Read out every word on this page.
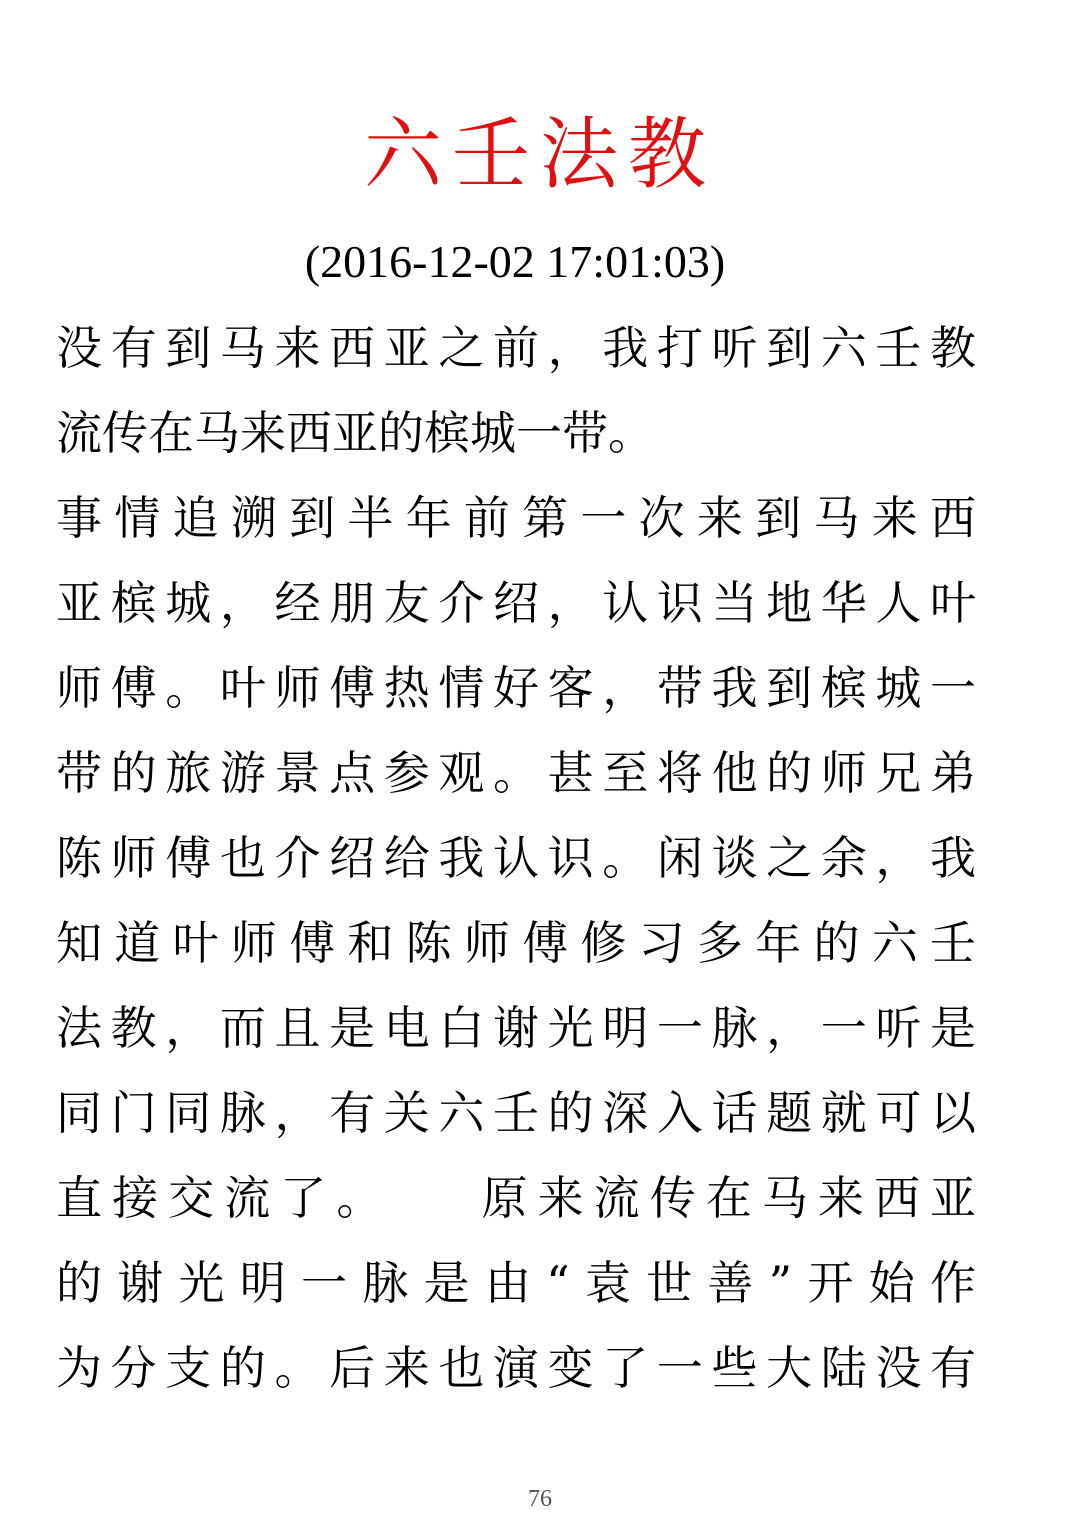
六壬法教
(2016-12-02 17:01:03)
没有到马来西亚之前，我打听到六壬教
流传在马来西亚的槟城一带。
事情追溯到半年前第一次来到马来西
亚槟城，经朋友介绍，认识当地华人叶
师傅。叶师傅热情好客，带我到槟城一
带的旅游景点参观。甚至将他的师兄弟
陈师傅也介绍给我认识。闲谈之余，我
知道叶师傅和陈师傅修习多年的六壬
法教，而且是电白谢光明一脉，一听是
同门同脉，有关六壬的深入话题就可以
直接交流了。　　原来流传在马来西亚
的谢光明一脉是由“袁世善”开始作
为分支的。后来也演变了一些大陆没有
76
